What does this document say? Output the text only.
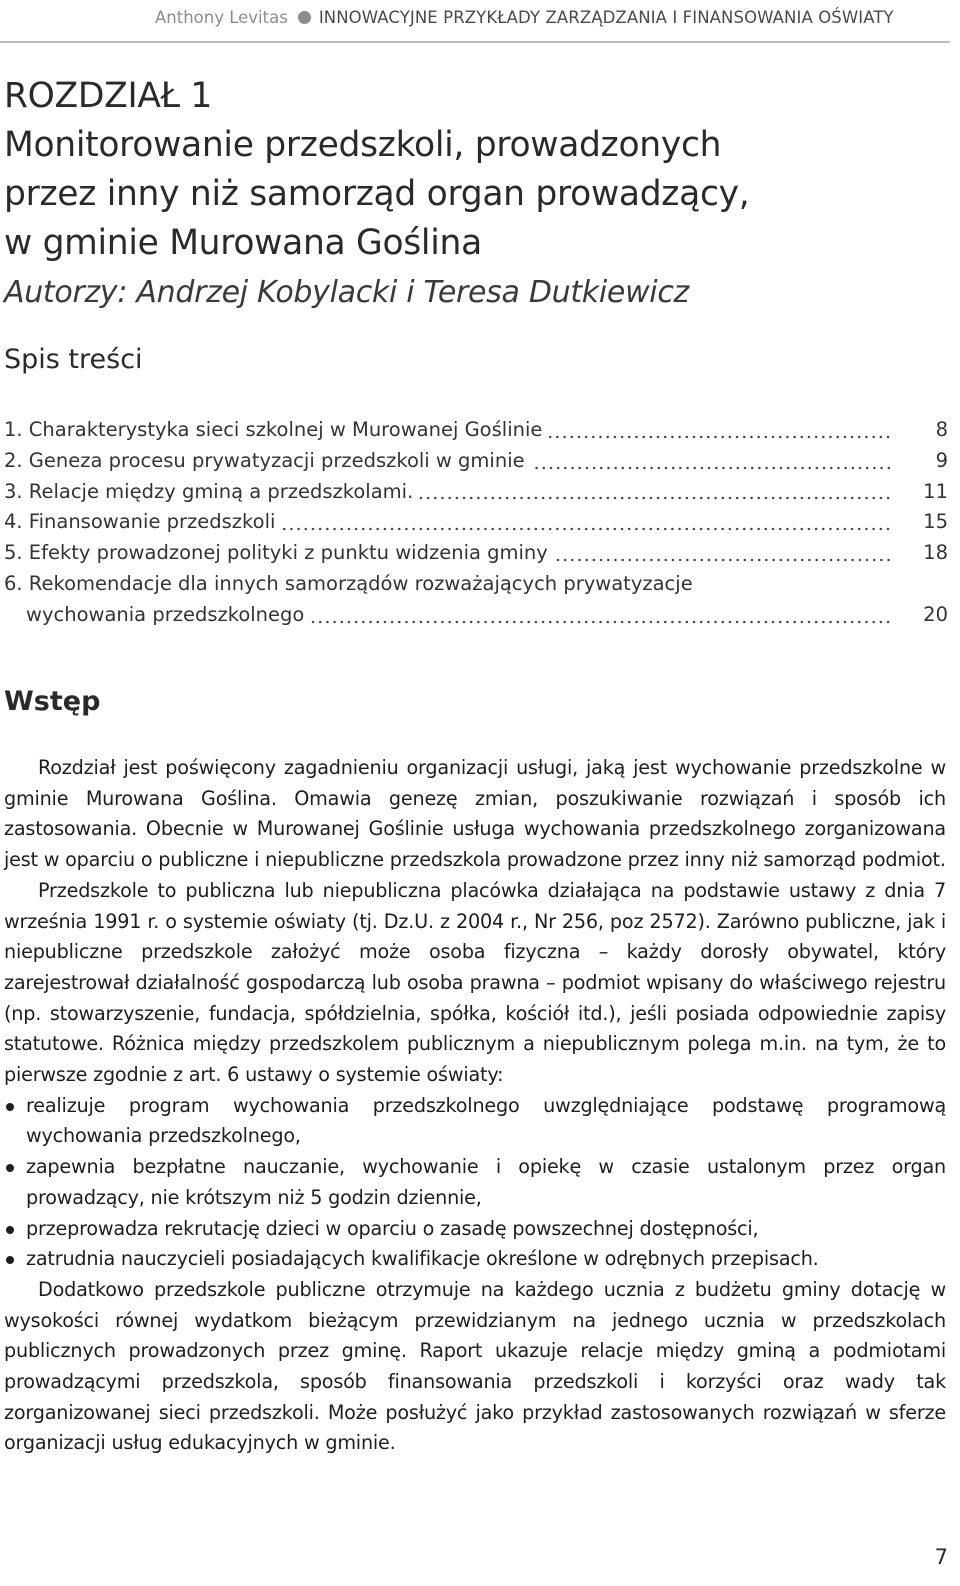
Anthony Levitas INNOWACYJNE PRZYKŁADY ZARZĄDZANIA I FINANSOWANIA OŚWIATY
ROZDZIAŁ 1
Monitorowanie przedszkoli, prowadzonych
przez inny niż samorząd organ prowadzący,
w gminie Murowana Goślina
Autorzy: Andrzej Kobylacki i Teresa Dutkiewicz
Spis treści
1. Charakterystyka sieci szkolnej w Murowanej Goślinie	8
2. Geneza procesu prywatyzacji przedszkoli w gminie	9
3. Relacje między gminą a przedszkolami.	11
4. Finansowanie przedszkoli	15
5. Efekty prowadzonej polityki z punktu widzenia gminy	18
6. Rekomendacje dla innych samorządów rozważających prywatyzacje
wychowania przedszkolnego	20
Wstęp

Rozdział jest poświęcony zagadnieniu organizacji usługi, jaką jest wychowanie przedszkolne w gminie Murowana Goślina. Omawia genezę zmian, poszukiwanie rozwiązań i sposób ich zastosowania. Obecnie w Murowanej Goślinie usługa wychowania przedszkolnego zorganizowana jest w oparciu o publiczne i niepubliczne przedszkola prowadzone przez inny niż samorząd podmiot.

Przedszkole to publiczna lub niepubliczna placówka działająca na podstawie ustawy z dnia 7 września 1991 r. o systemie oświaty (tj. Dz.U. z 2004 r., Nr 256, poz 2572). Zarówno publiczne, jak i niepubliczne przedszkole założyć może osoba fizyczna – każdy dorosły obywatel, który zarejestrował działalność gospodarczą lub osoba prawna – podmiot wpisany do właściwego rejestru (np. stowarzyszenie, fundacja, spółdzielnia, spółka, kościół itd.), jeśli posiada odpowiednie zapisy statutowe. Różnica między przedszkolem publicznym a niepublicznym polega m.in. na tym, że to pierwsze zgodnie z art. 6 ustawy o systemie oświaty:

realizuje program wychowania przedszkolnego uwzględniające podstawę programową wychowania przedszkolnego,
zapewnia bezpłatne nauczanie, wychowanie i opiekę w czasie ustalonym przez organ prowadzący, nie krótszym niż 5 godzin dziennie,
przeprowadza rekrutację dzieci w oparciu o zasadę powszechnej dostępności,
zatrudnia nauczycieli posiadających kwalifikacje określone w odrębnych przepisach.

Dodatkowo przedszkole publiczne otrzymuje na każdego ucznia z budżetu gminy dotację w wysokości równej wydatkom bieżącym przewidzianym na jednego ucznia w przedszkolach publicznych prowadzonych przez gminę. Raport ukazuje relacje między gminą a podmiotami prowadzącymi przedszkola, sposób finansowania przedszkoli i korzyści oraz wady tak zorganizowanej sieci przedszkoli. Może posłużyć jako przykład zastosowanych rozwiązań w sferze organizacji usług edukacyjnych w gminie.

7
